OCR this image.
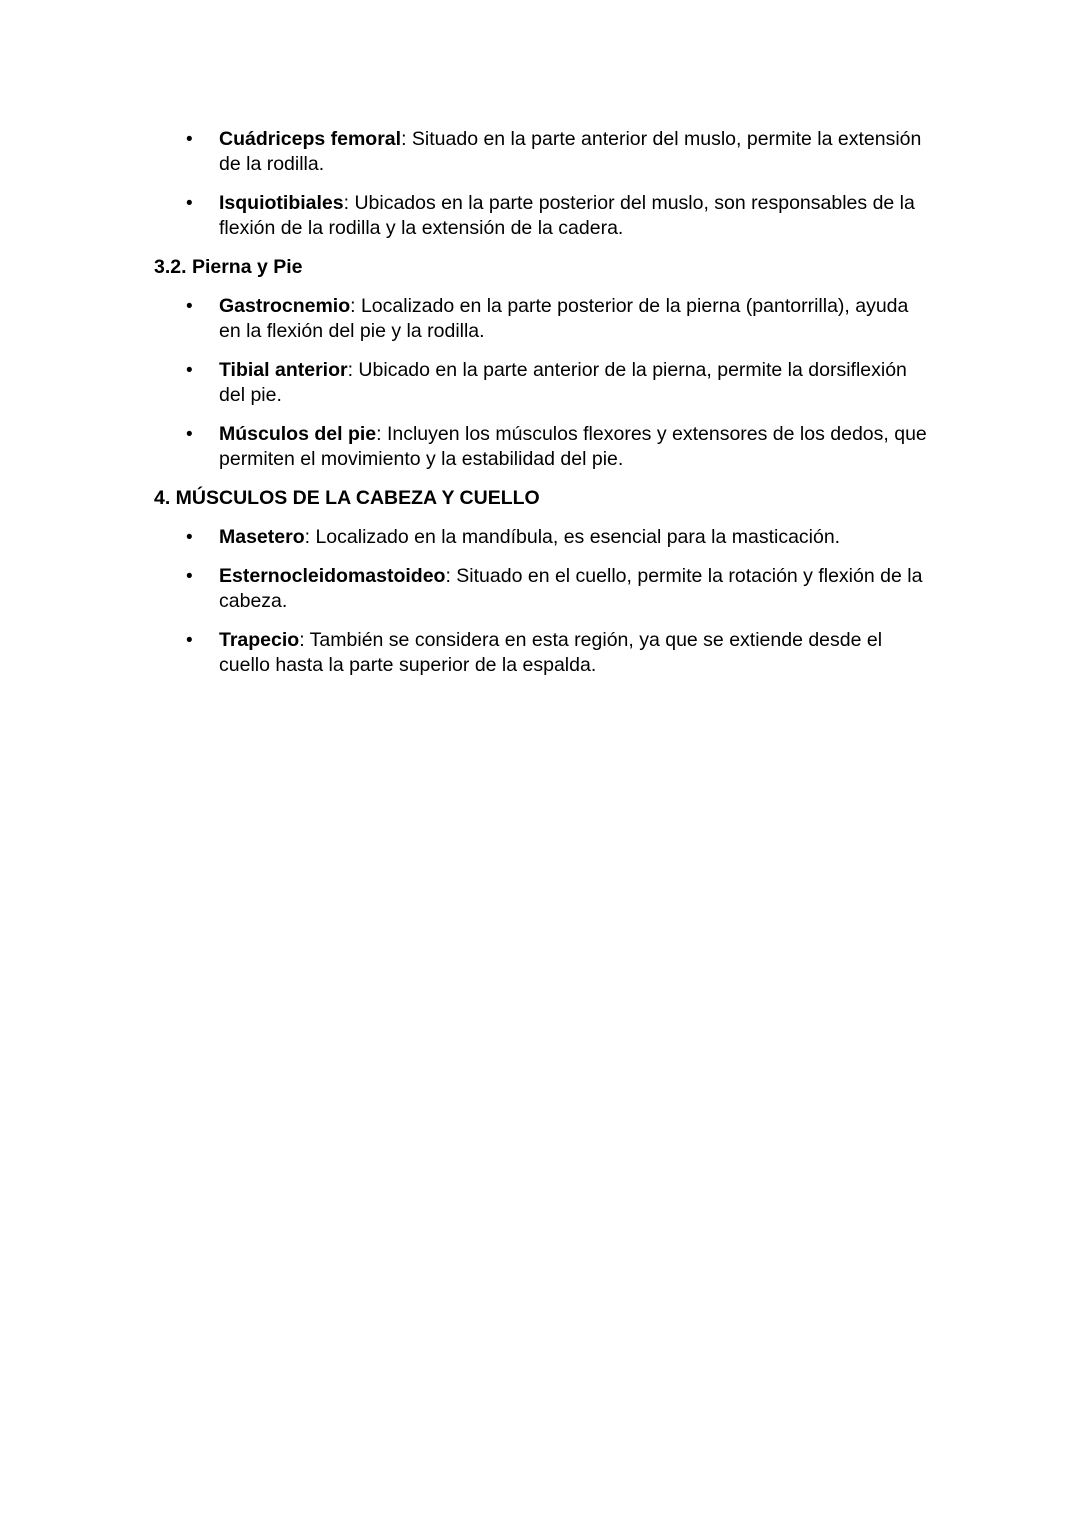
• Cuádriceps femoral: Situado en la parte anterior del muslo, permite la extensión de la rodilla.
• Isquiotibiales: Ubicados en la parte posterior del muslo, son responsables de la flexión de la rodilla y la extensión de la cadera.
3.2. Pierna y Pie
• Gastrocnemio: Localizado en la parte posterior de la pierna (pantorrilla), ayuda en la flexión del pie y la rodilla.
• Tibial anterior: Ubicado en la parte anterior de la pierna, permite la dorsiflexión del pie.
• Músculos del pie: Incluyen los músculos flexores y extensores de los dedos, que permiten el movimiento y la estabilidad del pie.
4. MÚSCULOS DE LA CABEZA Y CUELLO
• Masetero: Localizado en la mandíbula, es esencial para la masticación.
• Esternocleidomastoideo: Situado en el cuello, permite la rotación y flexión de la cabeza.
• Trapecio: También se considera en esta región, ya que se extiende desde el cuello hasta la parte superior de la espalda.
